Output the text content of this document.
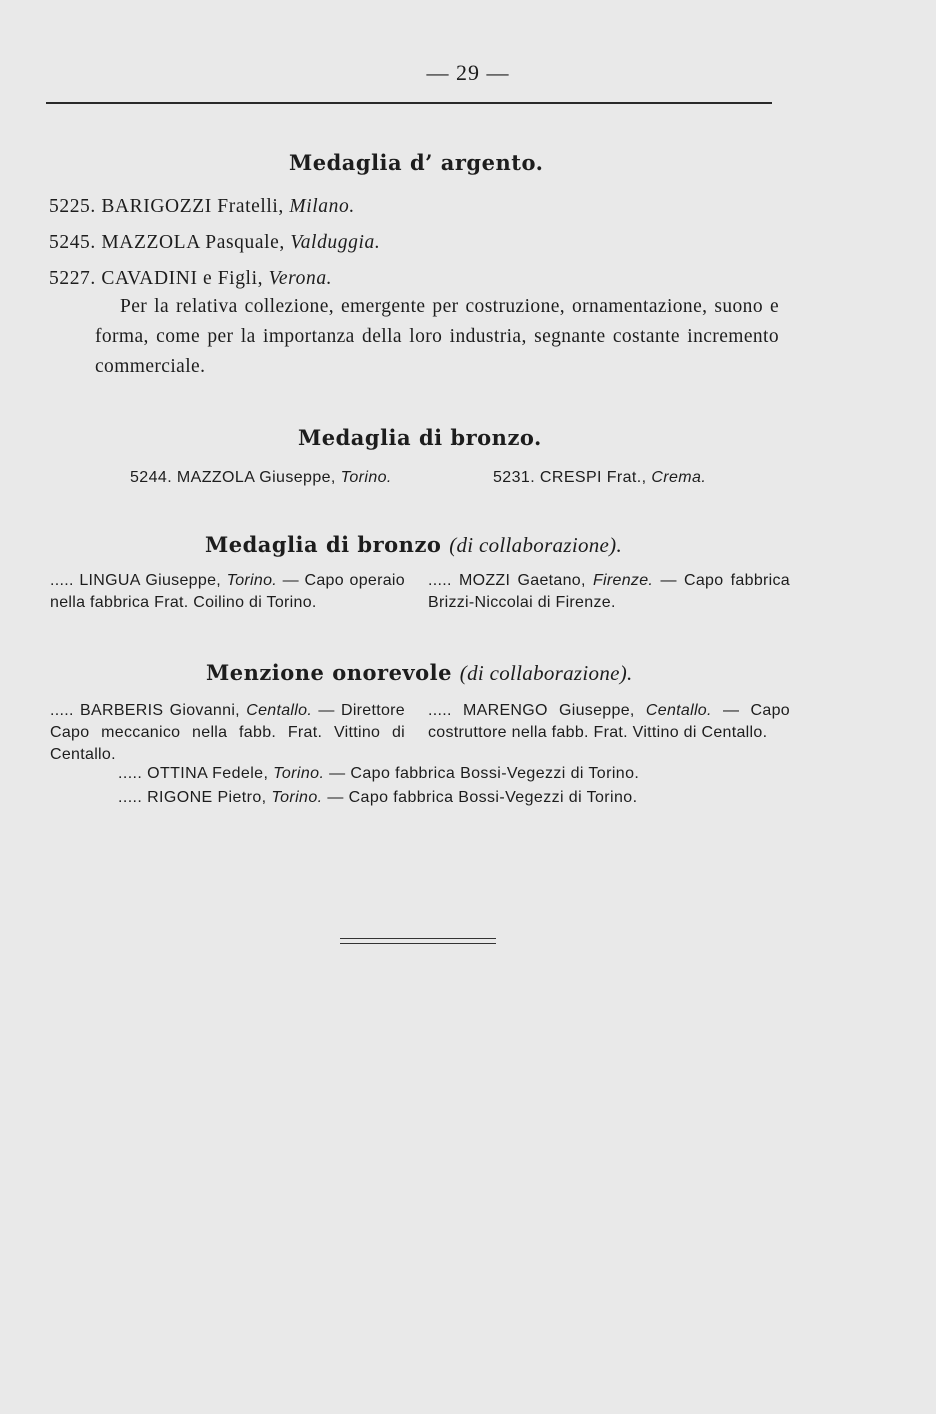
— 29 —
Medaglia d’ argento.
5225. BARIGOZZI Fratelli, Milano.
5245. MAZZOLA Pasquale, Valduggia.
5227. CAVADINI e Figli, Verona.
Per la relativa collezione, emergente per costruzione, ornamentazione, suono e forma, come per la importanza della loro industria, segnante costante incremento commerciale.
Medaglia di bronzo.
5244. MAZZOLA Giuseppe, Torino.	5231. CRESPI Frat., Crema.
Medaglia di bronzo (di collaborazione).
..... LINGUA Giuseppe, Torino. — Capo operaio nella fabbrica Frat. Coilino di Torino.
..... MOZZI Gaetano, Firenze. — Capo fabbrica Brizzi-Niccolai di Firenze.
Menzione onorevole (di collaborazione).
..... BARBERIS Giovanni, Centallo. — Direttore Capo meccanico nella fabb. Frat. Vittino di Centallo.
..... MARENGO Giuseppe, Centallo. — Capo costruttore nella fabb. Frat. Vittino di Centallo.
..... OTTINA Fedele, Torino. — Capo fabbrica Bossi-Vegezzi di Torino.
..... RIGONE Pietro, Torino. — Capo fabbrica Bossi-Vegezzi di Torino.
